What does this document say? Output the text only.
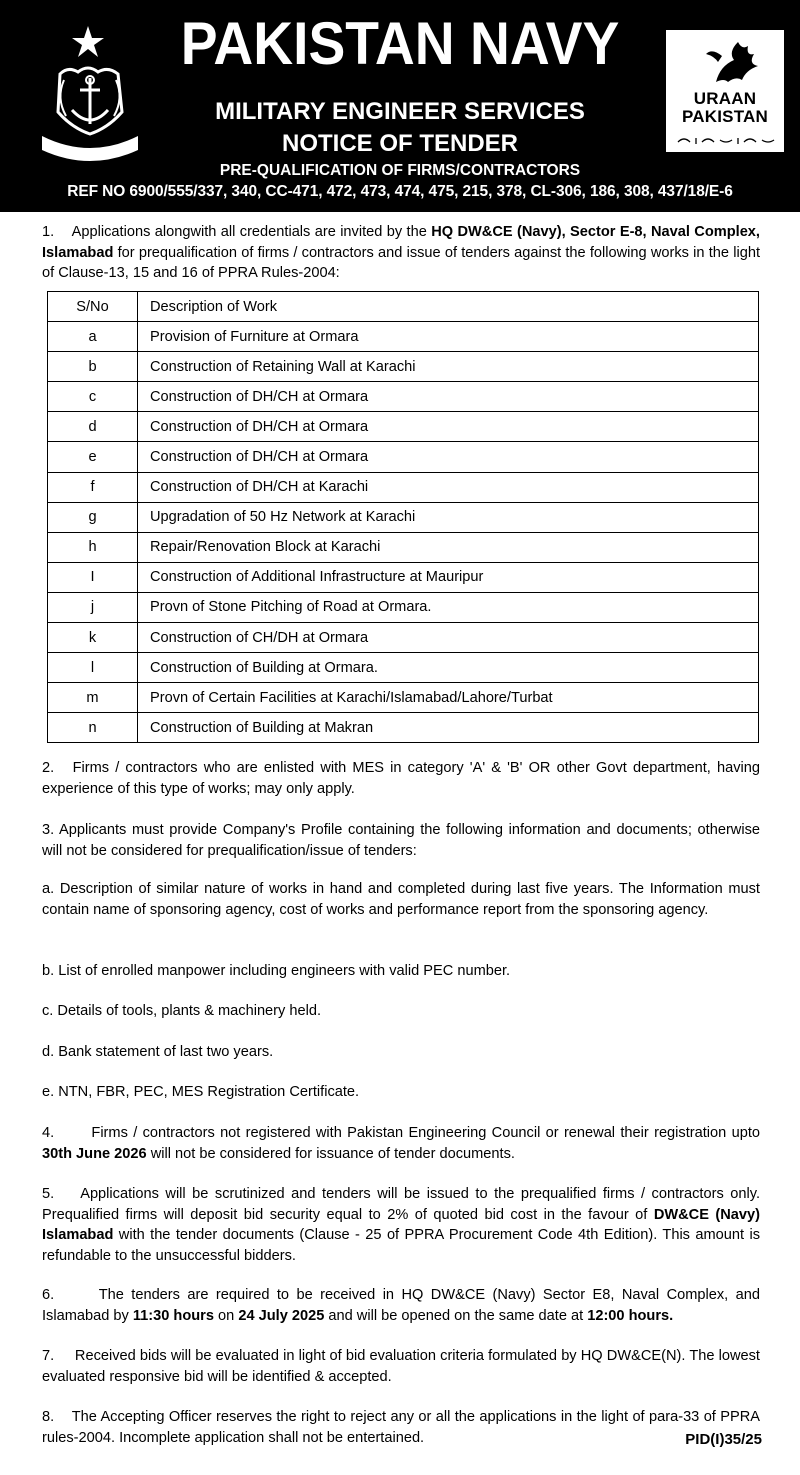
PAKISTAN NAVY
MILITARY ENGINEER SERVICES
NOTICE OF TENDER
PRE-QUALIFICATION OF FIRMS/CONTRACTORS
REF NO 6900/555/337, 340, CC-471, 472, 473, 474, 475, 215, 378, CL-306, 186, 308, 437/18/E-6
URAAN
PAKISTAN
1.    Applications alongwith all credentials are invited by the HQ DW&CE (Navy), Sector E-8, Naval Complex, Islamabad for prequalification of firms / contractors and issue of tenders against the following works in the light of Clause-13, 15 and 16 of PPRA Rules-2004:
S/No	Description of Work
a	Provision of Furniture at Ormara
b	Construction of Retaining Wall at Karachi
c	Construction of DH/CH at Ormara
d	Construction of DH/CH at Ormara
e	Construction of DH/CH at Ormara
f	Construction of DH/CH at Karachi
g	Upgradation of 50 Hz Network at Karachi
h	Repair/Renovation Block at Karachi
I	Construction of Additional Infrastructure at Mauripur
j	Provn of Stone Pitching of Road at Ormara.
k	Construction of CH/DH at Ormara
l	Construction of Building at Ormara.
m	Provn of Certain Facilities at Karachi/Islamabad/Lahore/Turbat
n	Construction of Building at Makran
2.   Firms / contractors who are enlisted with MES in category 'A' & 'B' OR other Govt department, having experience of this type of works; may only apply.
3. Applicants must provide Company's Profile containing the following information and documents; otherwise will not be considered for prequalification/issue of tenders:
a. Description of similar nature of works in hand and completed during last five years. The Information must contain name of sponsoring agency, cost of works and performance report from the sponsoring agency.
b. List of enrolled manpower including engineers with valid PEC number.
c. Details of tools, plants & machinery held.
d. Bank statement of last two years.
e. NTN, FBR, PEC, MES Registration Certificate.
4.       Firms / contractors not registered with Pakistan Engineering Council or renewal their registration upto 30th June 2026 will not be considered for issuance of tender documents.
5.    Applications will be scrutinized and tenders will be issued to the prequalified firms / contractors only. Prequalified firms will deposit bid security equal to 2% of quoted bid cost in the favour of DW&CE (Navy) Islamabad with the tender documents (Clause - 25 of PPRA Procurement Code 4th Edition). This amount is refundable to the unsuccessful bidders.
6.      The tenders are required to be received in HQ DW&CE (Navy) Sector E8, Naval Complex, and Islamabad by 11:30 hours on 24 July 2025 and will be opened on the same date at 12:00 hours.
7.     Received bids will be evaluated in light of bid evaluation criteria formulated by HQ DW&CE(N). The lowest evaluated responsive bid will be identified & accepted.
8.    The Accepting Officer reserves the right to reject any or all the applications in the light of para-33 of PPRA rules-2004. Incomplete application shall not be entertained.	PID(I)35/25
